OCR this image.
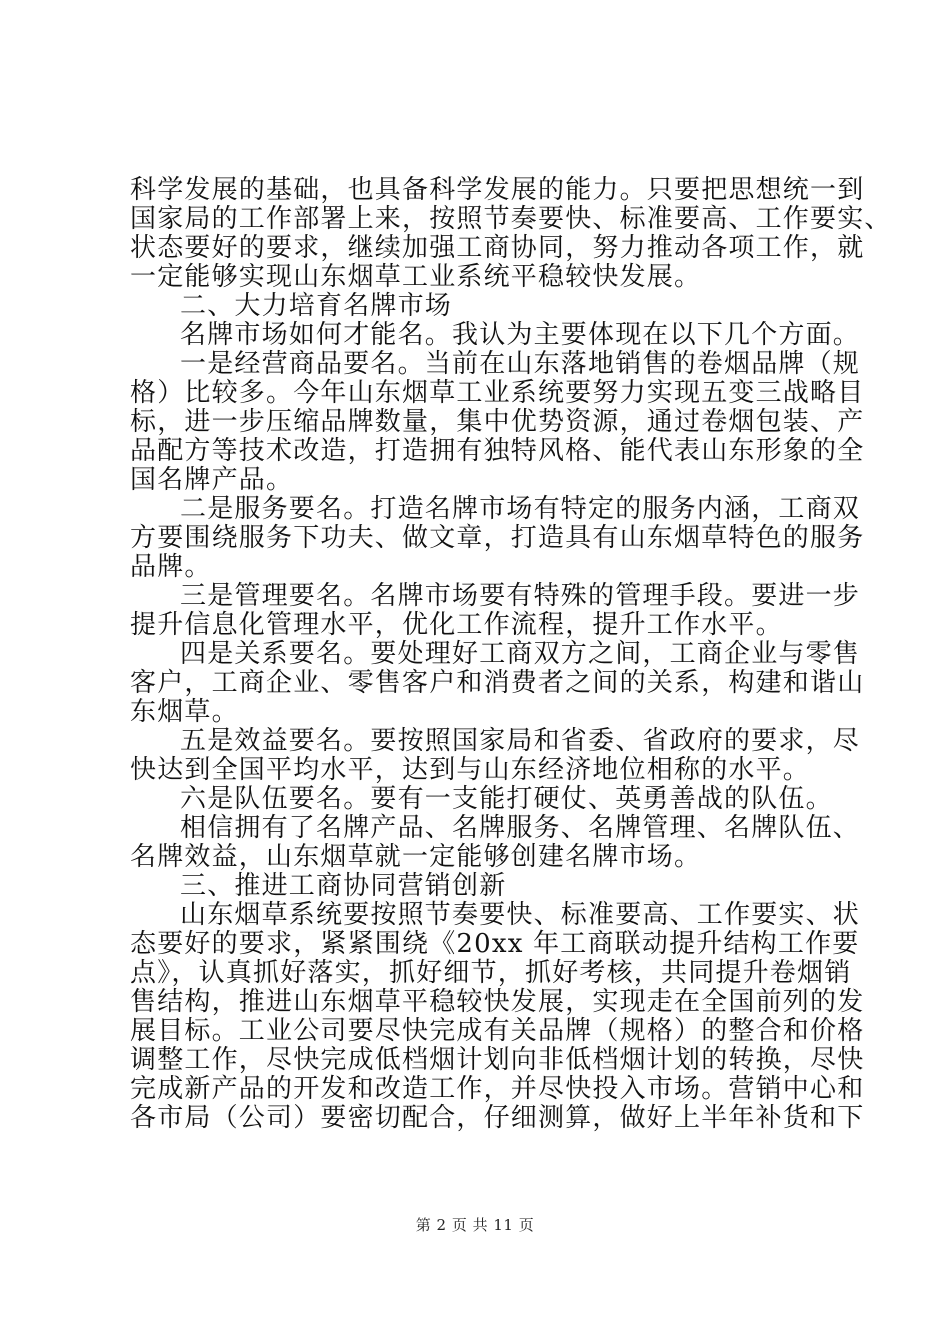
科学发展的基础，也具备科学发展的能力。只要把思想统一到
国家局的工作部署上来，按照节奏要快、标准要高、工作要实、
状态要好的要求，继续加强工商协同，努力推动各项工作，就
一定能够实现山东烟草工业系统平稳较快发展。
二、大力培育名牌市场
名牌市场如何才能名。我认为主要体现在以下几个方面。
一是经营商品要名。当前在山东落地销售的卷烟品牌（规
格）比较多。今年山东烟草工业系统要努力实现五变三战略目
标，进一步压缩品牌数量，集中优势资源，通过卷烟包装、产
品配方等技术改造，打造拥有独特风格、能代表山东形象的全
国名牌产品。
二是服务要名。打造名牌市场有特定的服务内涵，工商双
方要围绕服务下功夫、做文章，打造具有山东烟草特色的服务
品牌。
三是管理要名。名牌市场要有特殊的管理手段。要进一步
提升信息化管理水平，优化工作流程，提升工作水平。
四是关系要名。要处理好工商双方之间，工商企业与零售
客户，工商企业、零售客户和消费者之间的关系，构建和谐山
东烟草。
五是效益要名。要按照国家局和省委、省政府的要求，尽
快达到全国平均水平，达到与山东经济地位相称的水平。
六是队伍要名。要有一支能打硬仗、英勇善战的队伍。
相信拥有了名牌产品、名牌服务、名牌管理、名牌队伍、
名牌效益，山东烟草就一定能够创建名牌市场。
三、推进工商协同营销创新
山东烟草系统要按照节奏要快、标准要高、工作要实、状
态要好的要求，紧紧围绕《20xx 年工商联动提升结构工作要
点》，认真抓好落实，抓好细节，抓好考核，共同提升卷烟销
售结构，推进山东烟草平稳较快发展，实现走在全国前列的发
展目标。工业公司要尽快完成有关品牌（规格）的整合和价格
调整工作，尽快完成低档烟计划向非低档烟计划的转换，尽快
完成新产品的开发和改造工作，并尽快投入市场。营销中心和
各市局（公司）要密切配合，仔细测算，做好上半年补货和下
第 2 页 共 11 页
